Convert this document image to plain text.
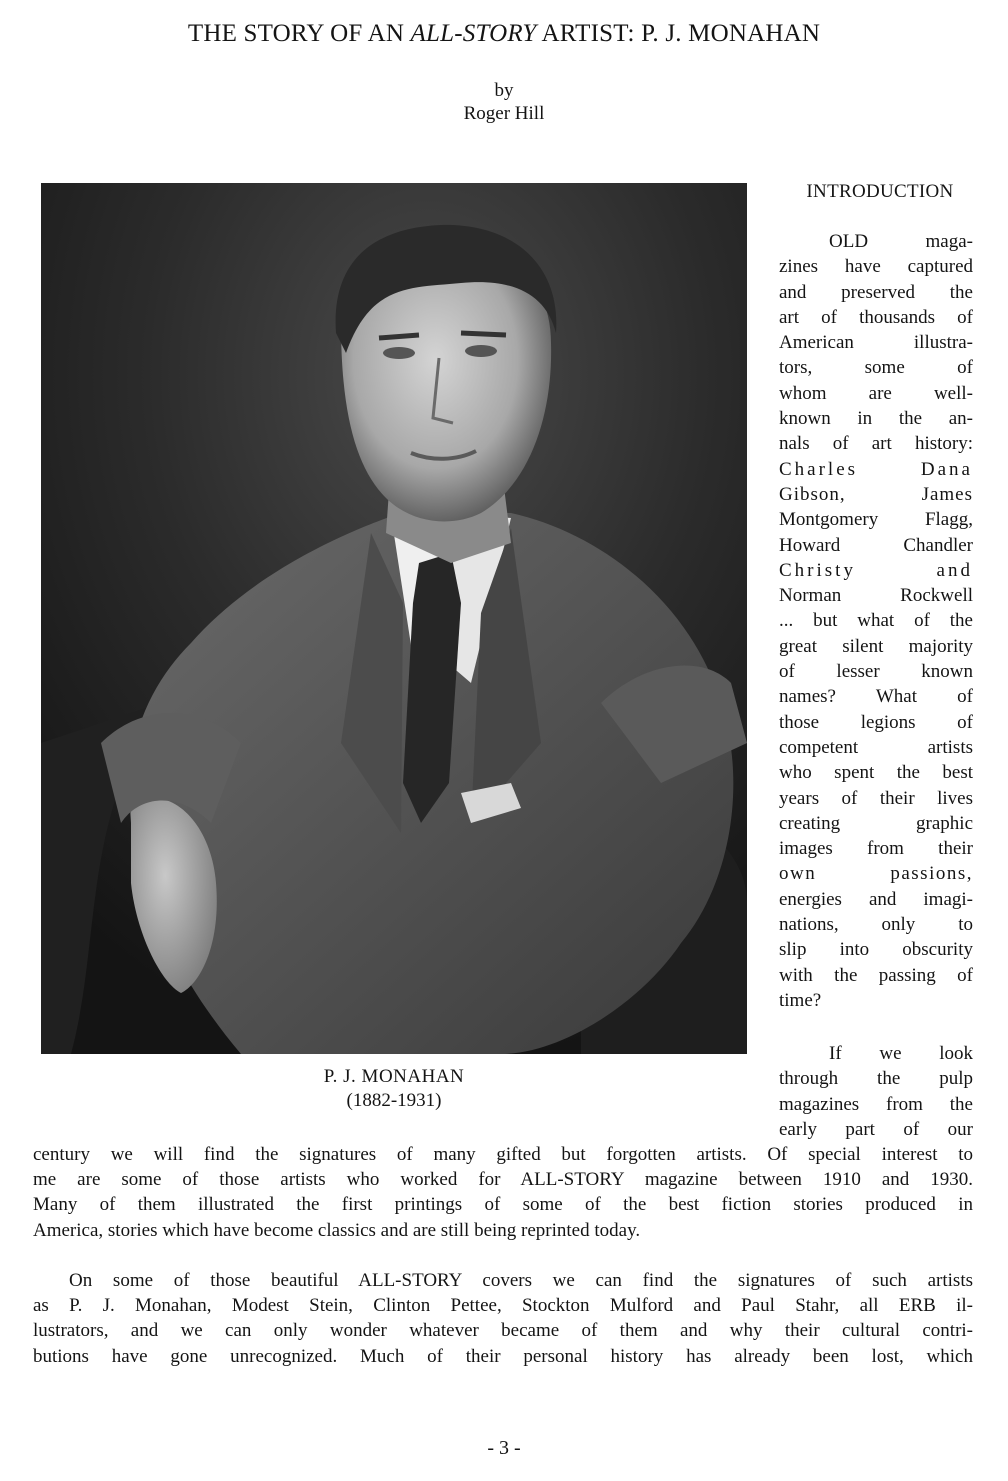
THE STORY OF AN ALL-STORY ARTIST: P. J. MONAHAN
by
Roger Hill
P. J. MONAHAN
(1882-1931)
INTRODUCTION
OLD maga-
zines have captured
and preserved the
art of thousands of
American illustra-
tors, some of
whom are well-
known in the an-
nals of art history:
Charles Dana
Gibson, James
Montgomery Flagg,
Howard Chandler
Christy and
Norman Rockwell
... but what of the
great silent majority
of lesser known
names? What of
those legions of
competent artists
who spent the best
years of their lives
creating graphic
images from their
own passions,
energies and imagi-
nations, only to
slip into obscurity
with the passing of
time?
If we look
through the pulp
magazines from the
early part of our
century we will find the signatures of many gifted but forgotten artists. Of special interest to
me are some of those artists who worked for ALL-STORY magazine between 1910 and 1930.
Many of them illustrated the first printings of some of the best fiction stories produced in
America, stories which have become classics and are still being reprinted today.
On some of those beautiful ALL-STORY covers we can find the signatures of such artists
as P. J. Monahan, Modest Stein, Clinton Pettee, Stockton Mulford and Paul Stahr, all ERB il-
lustrators, and we can only wonder whatever became of them and why their cultural contri-
butions have gone unrecognized. Much of their personal history has already been lost, which
- 3 -
